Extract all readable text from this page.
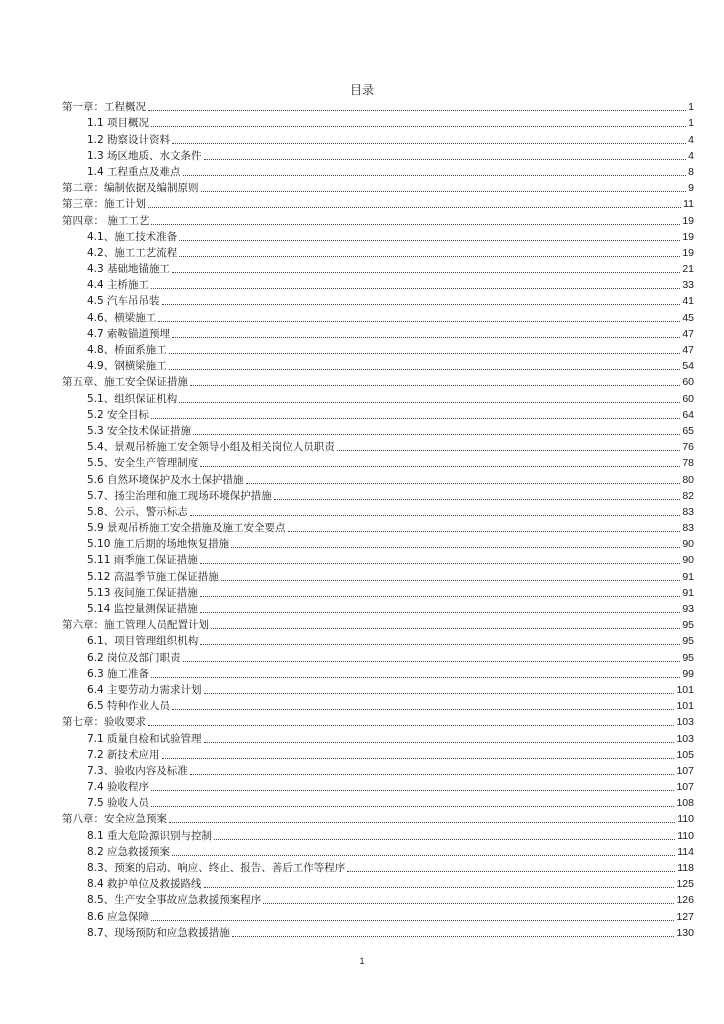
目录
第一章：工程概况	1
1.1 项目概况	1
1.2 勘察设计资料	4
1.3 场区地质、水文条件	4
1.4 工程重点及难点	8
第二章：编制依据及编制原则	9
第三章：施工计划	11
第四章： 施工工艺	19
4.1、施工技术准备	19
4.2、施工工艺流程	19
4.3 基础地锚施工	21
4.4 主桥施工	33
4.5 汽车吊吊装	41
4.6、横梁施工	45
4.7 索鞍锚道预埋	47
4.8、桥面系施工	47
4.9、钢横梁施工	54
第五章、施工安全保证措施	60
5.1、组织保证机构	60
5.2 安全目标	64
5.3 安全技术保证措施	65
5.4、景观吊桥施工安全领导小组及相关岗位人员职责	76
5.5、安全生产管理制度	78
5.6 自然环境保护及水土保护措施	80
5.7、扬尘治理和施工现场环境保护措施	82
5.8、公示、警示标志	83
5.9 景观吊桥施工安全措施及施工安全要点	83
5.10 施工后期的场地恢复措施	90
5.11 雨季施工保证措施	90
5.12 高温季节施工保证措施	91
5.13 夜间施工保证措施	91
5.14 监控量测保证措施	93
第六章：施工管理人员配置计划	95
6.1、项目管理组织机构	95
6.2 岗位及部门职责	95
6.3 施工准备	99
6.4 主要劳动力需求计划	101
6.5 特种作业人员	101
第七章：验收要求	103
7.1 质量自检和试验管理	103
7.2 新技术应用	105
7.3、验收内容及标准	107
7.4 验收程序	107
7.5 验收人员	108
第八章：安全应急预案	110
8.1 重大危险源识别与控制	110
8.2 应急救援预案	114
8.3、预案的启动、响应、终止、报告、善后工作等程序	118
8.4 救护单位及救援路线	125
8.5、生产安全事故应急救援预案程序	126
8.6 应急保障	127
8.7、现场预防和应急救援措施	130
1
